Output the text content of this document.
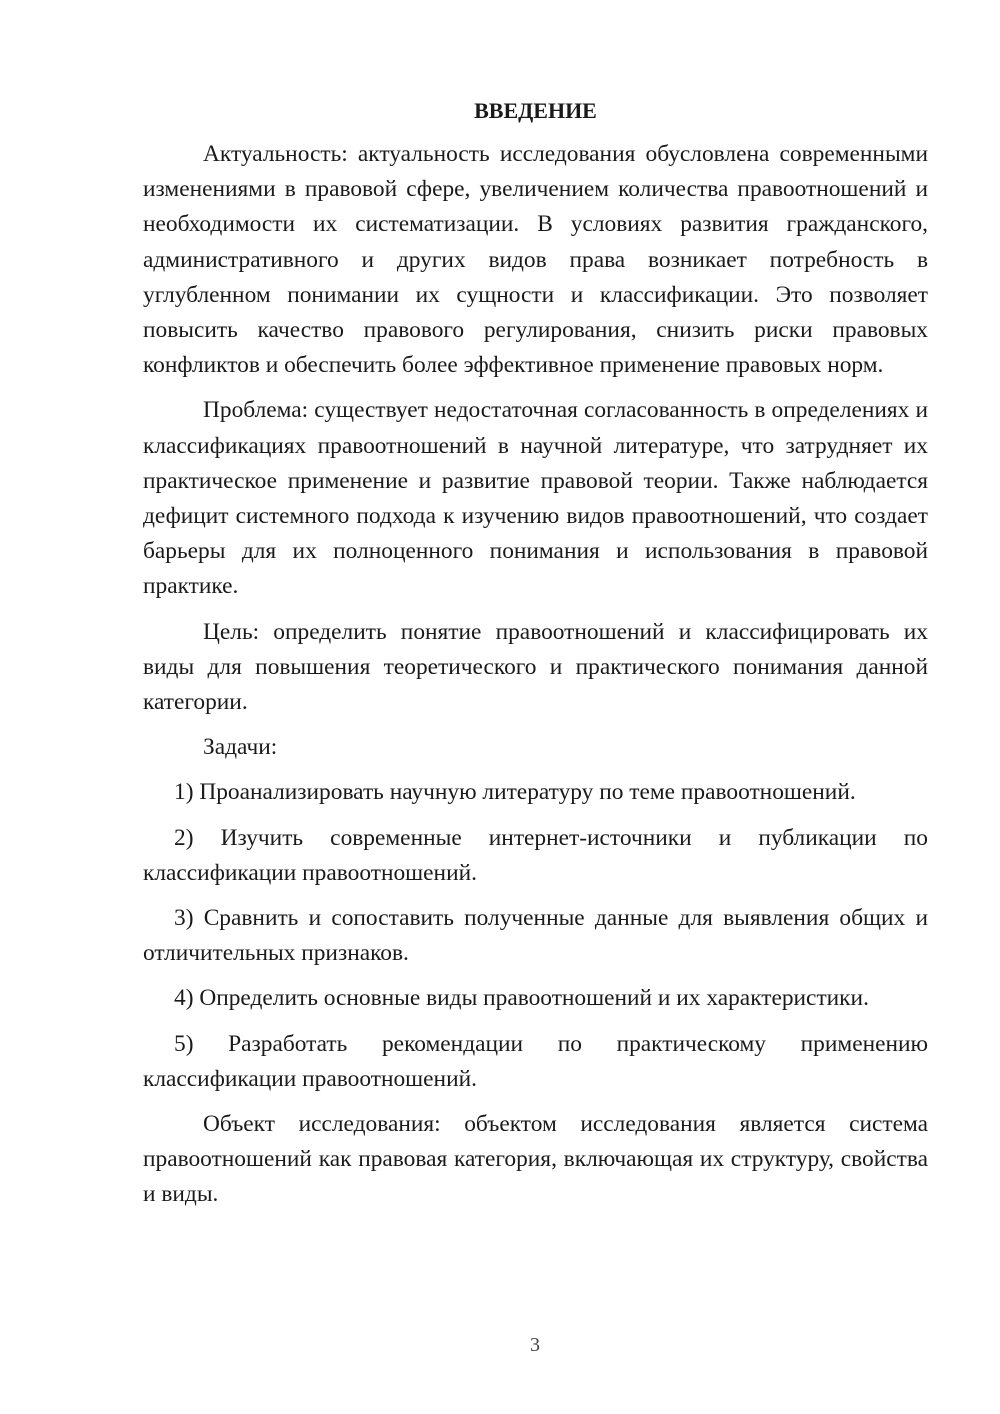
ВВЕДЕНИЕ

Актуальность: актуальность исследования обусловлена современными изменениями в правовой сфере, увеличением количества правоотношений и необходимости их систематизации. В условиях развития гражданского, административного и других видов права возникает потребность в углубленном понимании их сущности и классификации. Это позволяет повысить качество правового регулирования, снизить риски правовых конфликтов и обеспечить более эффективное применение правовых норм.

Проблема: существует недостаточная согласованность в определениях и классификациях правоотношений в научной литературе, что затрудняет их практическое применение и развитие правовой теории. Также наблюдается дефицит системного подхода к изучению видов правоотношений, что создает барьеры для их полноценного понимания и использования в правовой практике.

Цель: определить понятие правоотношений и классифицировать их виды для повышения теоретического и практического понимания данной категории.

Задачи:

1) Проанализировать научную литературу по теме правоотношений.

2) Изучить современные интернет-источники и публикации по классификации правоотношений.

3) Сравнить и сопоставить полученные данные для выявления общих и отличительных признаков.

4) Определить основные виды правоотношений и их характеристики.

5) Разработать рекомендации по практическому применению классификации правоотношений.

Объект исследования: объектом исследования является система правоотношений как правовая категория, включающая их структуру, свойства и виды.

3
